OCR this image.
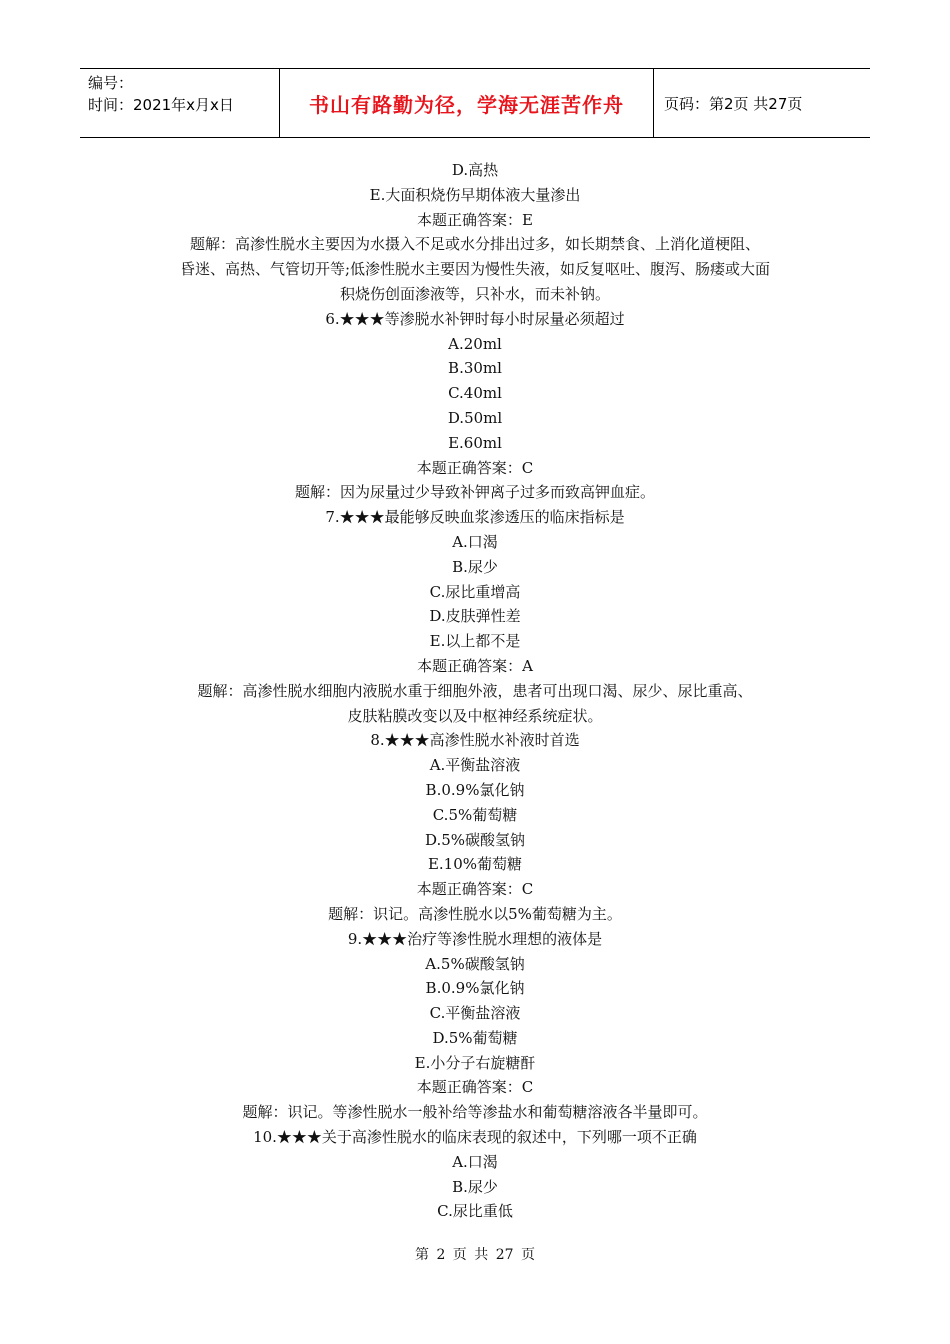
编号：
时间：2021年x月x日	书山有路勤为径，学海无涯苦作舟	页码：第2页 共27页
D.高热
E.大面积烧伤早期体液大量渗出
本题正确答案：E
题解：高渗性脱水主要因为水摄入不足或水分排出过多，如长期禁食、上消化道梗阻、
昏迷、高热、气管切开等;低渗性脱水主要因为慢性失液，如反复呕吐、腹泻、肠瘘或大面
积烧伤创面渗液等，只补水，而未补钠。
6.★★★等渗脱水补钾时每小时尿量必须超过
A.20ml
B.30ml
C.40ml
D.50ml
E.60ml
本题正确答案：C
题解：因为尿量过少导致补钾离子过多而致高钾血症。
7.★★★最能够反映血浆渗透压的临床指标是
A.口渴
B.尿少
C.尿比重增高
D.皮肤弹性差
E.以上都不是
本题正确答案：A
题解：高渗性脱水细胞内液脱水重于细胞外液，患者可出现口渴、尿少、尿比重高、
皮肤粘膜改变以及中枢神经系统症状。
8.★★★高渗性脱水补液时首选
A.平衡盐溶液
B.0.9%氯化钠
C.5%葡萄糖
D.5%碳酸氢钠
E.10%葡萄糖
本题正确答案：C
题解：识记。高渗性脱水以5%葡萄糖为主。
9.★★★治疗等渗性脱水理想的液体是
A.5%碳酸氢钠
B.0.9%氯化钠
C.平衡盐溶液
D.5%葡萄糖
E.小分子右旋糖酐
本题正确答案：C
题解：识记。等渗性脱水一般补给等渗盐水和葡萄糖溶液各半量即可。
10.★★★关于高渗性脱水的临床表现的叙述中，下列哪一项不正确
A.口渴
B.尿少
C.尿比重低
第 2 页 共 27 页
